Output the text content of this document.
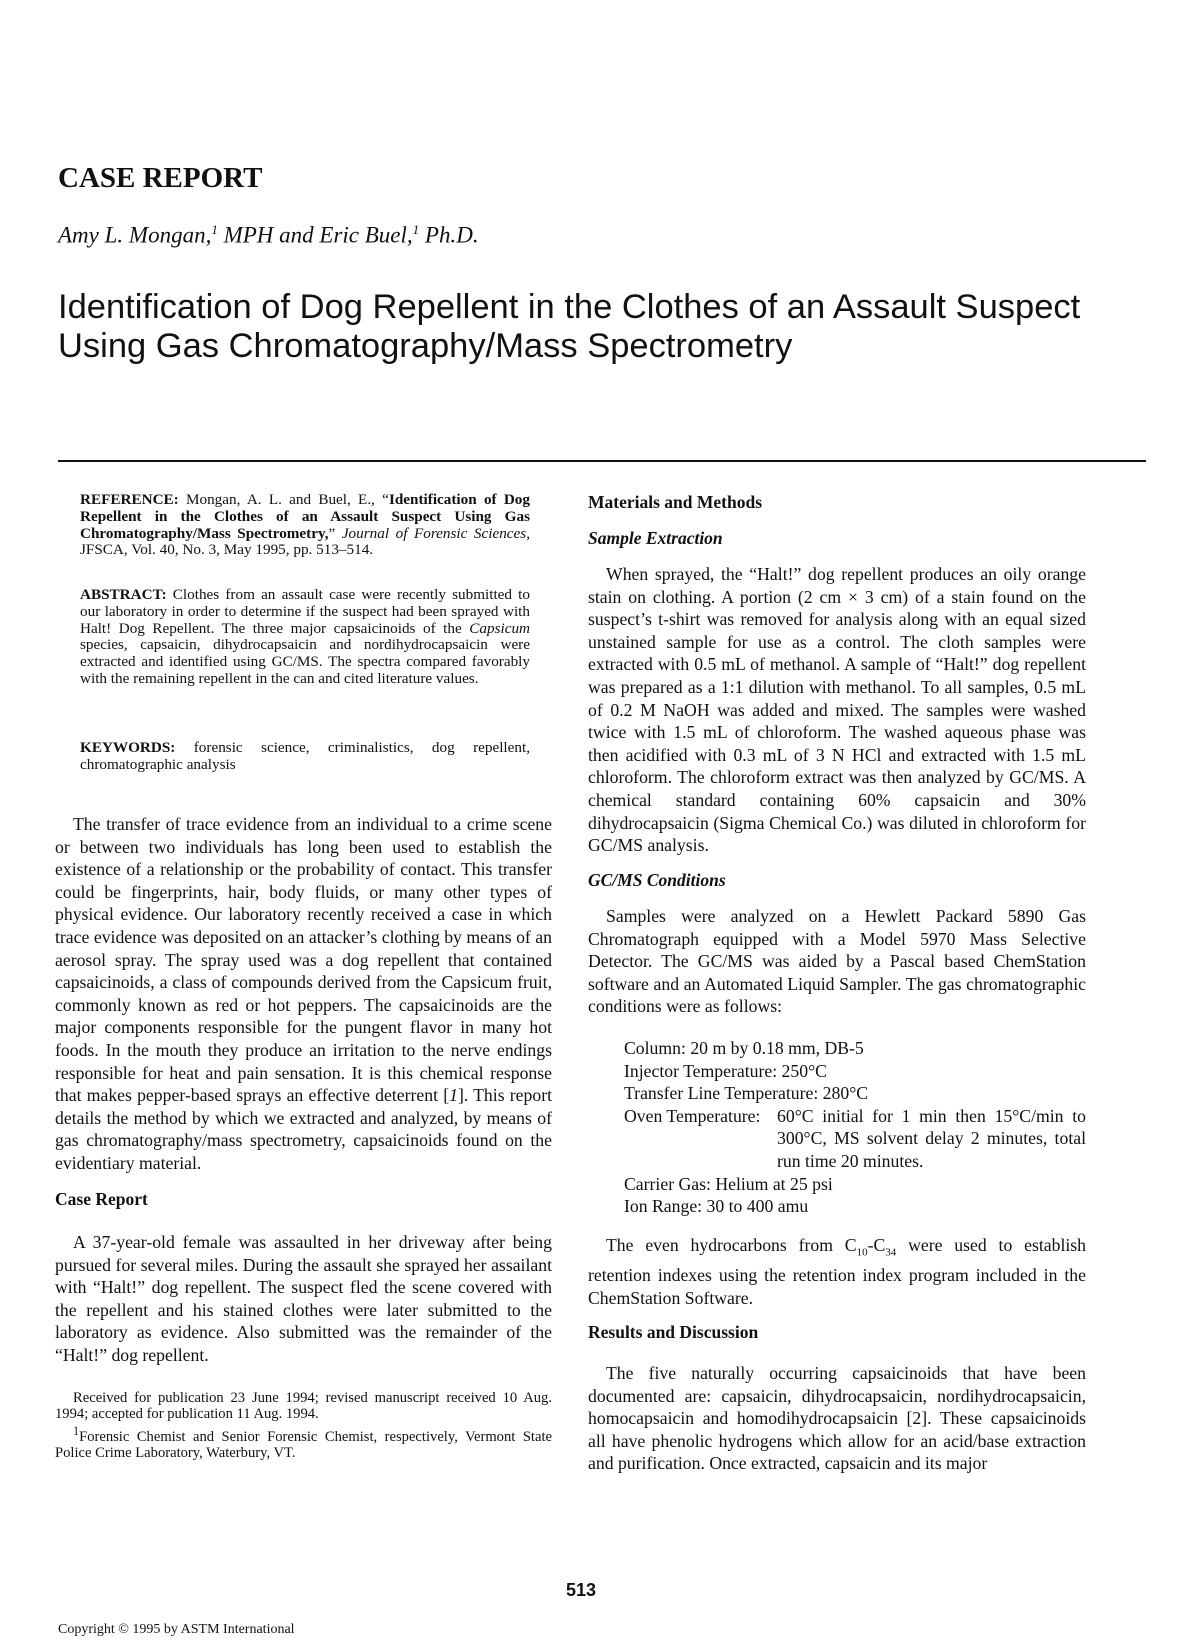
CASE REPORT

Amy L. Mongan,$^1$ MPH and Eric Buel,$^1$ Ph.D.

Identification of Dog Repellent in the Clothes of an Assault Suspect Using Gas Chromatography/Mass Spectrometry

REFERENCE: Mongan, A. L. and Buel, E., “Identification of Dog Repellent in the Clothes of an Assault Suspect Using Gas Chromatography/Mass Spectrometry,” Journal of Forensic Sciences, JFSCA, Vol. 40, No. 3, May 1995, pp. 513–514.

ABSTRACT: Clothes from an assault case were recently submitted to our laboratory in order to determine if the suspect had been sprayed with Halt! Dog Repellent. The three major capsaicinoids of the Capsicum species, capsaicin, dihydrocapsaicin and nordihydrocapsaicin were extracted and identified using GC/MS. The spectra compared favorably with the remaining repellent in the can and cited literature values.

KEYWORDS: forensic science, criminalistics, dog repellent, chromatographic analysis

The transfer of trace evidence from an individual to a crime scene or between two individuals has long been used to establish the existence of a relationship or the probability of contact. This transfer could be fingerprints, hair, body fluids, or many other types of physical evidence. Our laboratory recently received a case in which trace evidence was deposited on an attacker’s clothing by means of an aerosol spray. The spray used was a dog repellent that contained capsaicinoids, a class of compounds derived from the Capsicum fruit, commonly known as red or hot peppers. The capsaicinoids are the major components responsible for the pungent flavor in many hot foods. In the mouth they produce an irritation to the nerve endings responsible for heat and pain sensation. It is this chemical response that makes pepper-based sprays an effective deterrent [1]. This report details the method by which we extracted and analyzed, by means of gas chromatography/mass spectrometry, capsaicinoids found on the evidentiary material.

Case Report

A 37-year-old female was assaulted in her driveway after being pursued for several miles. During the assault she sprayed her assailant with “Halt!” dog repellent. The suspect fled the scene covered with the repellent and his stained clothes were later submitted to the laboratory as evidence. Also submitted was the remainder of the “Halt!” dog repellent.

Received for publication 23 June 1994; revised manuscript received 10 Aug. 1994; accepted for publication 11 Aug. 1994.

$^1$Forensic Chemist and Senior Forensic Chemist, respectively, Vermont State Police Crime Laboratory, Waterbury, VT.

Materials and Methods
Sample Extraction

When sprayed, the “Halt!” dog repellent produces an oily orange stain on clothing. A portion (2 cm × 3 cm) of a stain found on the suspect’s t-shirt was removed for analysis along with an equal sized unstained sample for use as a control. The cloth samples were extracted with 0.5 mL of methanol. A sample of “Halt!” dog repellent was prepared as a 1:1 dilution with methanol. To all samples, 0.5 mL of 0.2 M NaOH was added and mixed. The samples were washed twice with 1.5 mL of chloroform. The washed aqueous phase was then acidified with 0.3 mL of 3 N HCl and extracted with 1.5 mL chloroform. The chloroform extract was then analyzed by GC/MS. A chemical standard containing 60% capsaicin and 30% dihydrocapsaicin (Sigma Chemical Co.) was diluted in chloroform for GC/MS analysis.

GC/MS Conditions

Samples were analyzed on a Hewlett Packard 5890 Gas Chromatograph equipped with a Model 5970 Mass Selective Detector. The GC/MS was aided by a Pascal based ChemStation software and an Automated Liquid Sampler. The gas chromatographic conditions were as follows:

Column: 20 m by 0.18 mm, DB-5

Injector Temperature: 250°C

Transfer Line Temperature: 280°C

Oven Temperature: 60°C initial for 1 min then 15°C/min to 300°C, MS solvent delay 2 minutes, total run time 20 minutes.

Carrier Gas: Helium at 25 psi

Ion Range: 30 to 400 amu

The even hydrocarbons from $C_{10}-C_{34}$ were used to establish retention indexes using the retention index program included in the ChemStation Software.

Results and Discussion

The five naturally occurring capsaicinoids that have been documented are: capsaicin, dihydrocapsaicin, nordihydrocapsaicin, homocapsaicin and homodihydrocapsaicin [2]. These capsaicinoids all have phenolic hydrogens which allow for an acid/base extraction and purification. Once extracted, capsaicin and its major

513
Copyright © 1995 by ASTM International
